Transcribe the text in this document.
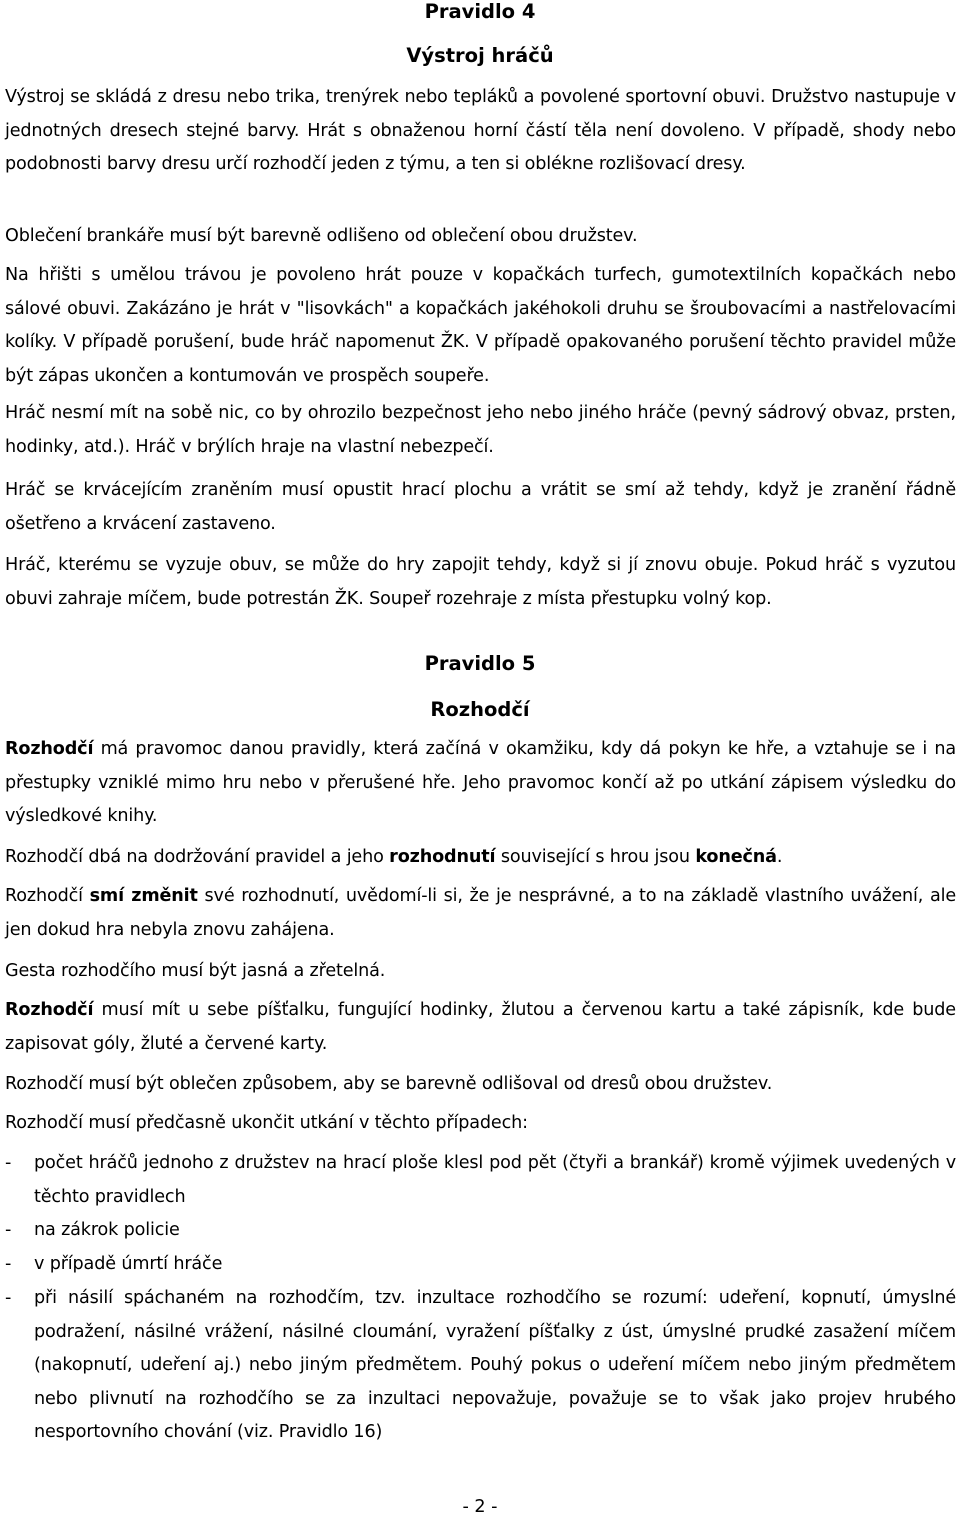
Pravidlo 4
Výstroj hráčů

Výstroj se skládá z dresu nebo trika, trenýrek nebo tepláků a povolené sportovní obuvi. Družstvo nastupuje v jednotných dresech stejné barvy. Hrát s obnaženou horní částí těla není dovoleno. V případě, shody nebo podobnosti barvy dresu určí rozhodčí jeden z týmu, a ten si oblékne rozlišovací dresy.

Oblečení brankáře musí být barevně odlišeno od oblečení obou družstev.

Na hřišti s umělou trávou je povoleno hrát pouze v kopačkách turfech, gumotextilních kopačkách nebo sálové obuvi. Zakázáno je hrát v "lisovkách" a kopačkách jakéhokoli druhu se šroubovacími a nastřelovacími kolíky. V případě porušení, bude hráč napomenut ŽK. V případě opakovaného porušení těchto pravidel může být zápas ukončen a kontumován ve prospěch soupeře.

Hráč nesmí mít na sobě nic, co by ohrozilo bezpečnost jeho nebo jiného hráče (pevný sádrový obvaz, prsten, hodinky, atd.). Hráč v brýlích hraje na vlastní nebezpečí.

Hráč se krvácejícím zraněním musí opustit hrací plochu a vrátit se smí až tehdy, když je zranění řádně ošetřeno a krvácení zastaveno.

Hráč, kterému se vyzuje obuv, se může do hry zapojit tehdy, když si jí znovu obuje. Pokud hráč s vyzutou obuvi zahraje míčem, bude potrestán ŽK. Soupeř rozehraje z místa přestupku volný kop.

Pravidlo 5
Rozhodčí

Rozhodčí má pravomoc danou pravidly, která začíná v okamžiku, kdy dá pokyn ke hře, a vztahuje se i na přestupky vzniklé mimo hru nebo v přerušené hře. Jeho pravomoc končí až po utkání zápisem výsledku do výsledkové knihy.

Rozhodčí dbá na dodržování pravidel a jeho rozhodnutí související s hrou jsou konečná.

Rozhodčí smí změnit své rozhodnutí, uvědomí-li si, že je nesprávné, a to na základě vlastního uvážení, ale jen dokud hra nebyla znovu zahájena.

Gesta rozhodčího musí být jasná a zřetelná.

Rozhodčí musí mít u sebe píšťalku, fungující hodinky, žlutou a červenou kartu a také zápisník, kde bude zapisovat góly, žluté a červené karty.

Rozhodčí musí být oblečen způsobem, aby se barevně odlišoval od dresů obou družstev.

Rozhodčí musí předčasně ukončit utkání v těchto případech:

- počet hráčů jednoho z družstev na hrací ploše klesl pod pět (čtyři a brankář) kromě výjimek uvedených v těchto pravidlech
- na zákrok policie
- v případě úmrtí hráče
- při násilí spáchaném na rozhodčím, tzv. inzultace rozhodčího se rozumí: udeření, kopnutí, úmyslné podražení, násilné vrážení, násilné cloumání, vyražení píšťalky z úst, úmyslné prudké zasažení míčem (nakopnutí, udeření aj.) nebo jiným předmětem. Pouhý pokus o udeření míčem nebo jiným předmětem nebo plivnutí na rozhodčího se za inzultaci nepovažuje, považuje se to však jako projev hrubého nesportovního chování (viz. Pravidlo 16)
- 2 -
